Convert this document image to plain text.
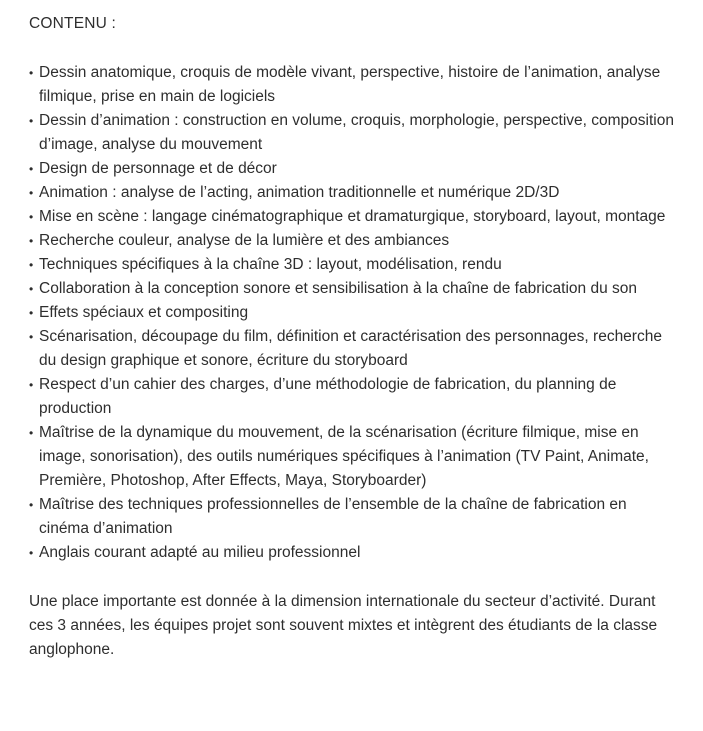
CONTENU :
• Dessin anatomique, croquis de modèle vivant, perspective, histoire de l’animation, analyse filmique, prise en main de logiciels
• Dessin d’animation : construction en volume, croquis, morphologie, perspective, composition d’image, analyse du mouvement
• Design de personnage et de décor
• Animation : analyse de l’acting, animation traditionnelle et numérique 2D/3D
• Mise en scène : langage cinématographique et dramaturgique, storyboard, layout, montage
• Recherche couleur, analyse de la lumière et des ambiances
• Techniques spécifiques à la chaîne 3D : layout, modélisation, rendu
• Collaboration à la conception sonore et sensibilisation à la chaîne de fabrication du son
• Effets spéciaux et compositing
• Scénarisation, découpage du film, définition et caractérisation des personnages, recherche du design graphique et sonore, écriture du storyboard
• Respect d’un cahier des charges, d’une méthodologie de fabrication, du planning de production
• Maîtrise de la dynamique du mouvement, de la scénarisation (écriture filmique, mise en image, sonorisation), des outils numériques spécifiques à l’animation (TV Paint, Animate, Première, Photoshop, After Effects, Maya, Storyboarder)
• Maîtrise des techniques professionnelles de l’ensemble de la chaîne de fabrication en cinéma d’animation
• Anglais courant adapté au milieu professionnel

Une place importante est donnée à la dimension internationale du secteur d’activité. Durant ces 3 années, les équipes projet sont souvent mixtes et intègrent des étudiants de la classe anglophone.
